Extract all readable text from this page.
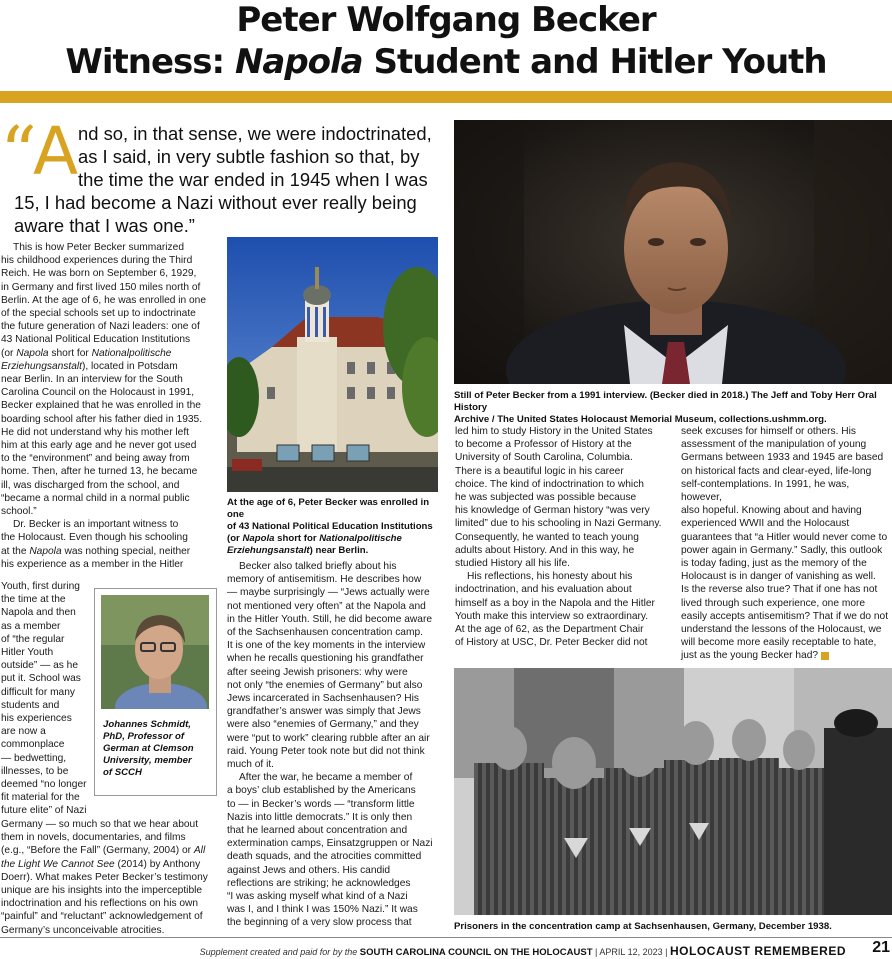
Peter Wolfgang Becker
Witness: Napola Student and Hitler Youth
“
A nd so, in that sense, we were indoctrinated,
as I said, in very subtle fashion so that, by
the time the war ended in 1945 when I was
15, I had become a Nazi without ever really being
aware that I was one.”
Still of Peter Becker from a 1991 interview. (Becker died in 2018.) The Jeff and Toby Herr Oral History
Archive / The United States Holocaust Memorial Museum, collections.ushmm.org.
At the age of 6, Peter Becker was enrolled in one
of 43 National Political Education Institutions
(or Napola short for Nationalpolitische
Erziehungsanstalt) near Berlin.
This is how Peter Becker summarized
his childhood experiences during the Third
Reich. He was born on September 6, 1929,
in Germany and first lived 150 miles north of
Berlin. At the age of 6, he was enrolled in one
of the special schools set up to indoctrinate
the future generation of Nazi leaders: one of
43 National Political Education Institutions
(or Napola short for Nationalpolitische
Erziehungsanstalt), located in Potsdam
near Berlin. In an interview for the South
Carolina Council on the Holocaust in 1991,
Becker explained that he was enrolled in the
boarding school after his father died in 1935.
He did not understand why his mother left
him at this early age and he never got used
to the “environment” and being away from
home. Then, after he turned 13, he became
ill, was discharged from the school, and
“became a normal child in a normal public
school.”
Dr. Becker is an important witness to
the Holocaust. Even though his schooling
at the Napola was nothing special, neither
his experience as a member in the Hitler
Youth, first during
the time at the
Napola and then
as a member
of “the regular
Hitler Youth
outside” — as he
put it. School was
difficult for many
students and
his experiences
are now a
commonplace
— bedwetting,
illnesses, to be
deemed “no longer
fit material for the
future elite” of Nazi
Johannes Schmidt,
PhD, Professor of
German at Clemson
University, member
of SCCH
Germany — so much so that we hear about
them in novels, documentaries, and films
(e.g., “Before the Fall” (Germany, 2004) or All
the Light We Cannot See (2014) by Anthony
Doerr). What makes Peter Becker’s testimony
unique are his insights into the imperceptible
indoctrination and his reflections on his own
“painful” and “reluctant” acknowledgement of
Germany’s unconceivable atrocities.
Becker also talked briefly about his
memory of antisemitism. He describes how
— maybe surprisingly — “Jews actually were
not mentioned very often” at the Napola and
in the Hitler Youth. Still, he did become aware
of the Sachsenhausen concentration camp.
It is one of the key moments in the interview
when he recalls questioning his grandfather
after seeing Jewish prisoners: why were
not only “the enemies of Germany” but also
Jews incarcerated in Sachsenhausen? His
grandfather’s answer was simply that Jews
were also “enemies of Germany,” and they
were “put to work” clearing rubble after an air
raid. Young Peter took note but did not think
much of it.
After the war, he became a member of
a boys’ club established by the Americans
to — in Becker’s words — “transform little
Nazis into little democrats.” It is only then
that he learned about concentration and
extermination camps, Einsatzgruppen or Nazi
death squads, and the atrocities committed
against Jews and others. His candid
reflections are striking; he acknowledges
“I was asking myself what kind of a Nazi
was I, and I think I was 150% Nazi.” It was
the beginning of a very slow process that
led him to study History in the United States
to become a Professor of History at the
University of South Carolina, Columbia.
There is a beautiful logic in his career
choice. The kind of indoctrination to which
he was subjected was possible because
his knowledge of German history “was very
limited” due to his schooling in Nazi Germany.
Consequently, he wanted to teach young
adults about History. And in this way, he
studied History all his life.
His reflections, his honesty about his
indoctrination, and his evaluation about
himself as a boy in the Napola and the Hitler
Youth make this interview so extraordinary.
At the age of 62, as the Department Chair
of History at USC, Dr. Peter Becker did not
seek excuses for himself or others. His
assessment of the manipulation of young
Germans between 1933 and 1945 are based
on historical facts and clear-eyed, life-long
self-contemplations. In 1991, he was, however,
also hopeful. Knowing about and having
experienced WWII and the Holocaust
guarantees that “a Hitler would never come to
power again in Germany.” Sadly, this outlook
is today fading, just as the memory of the
Holocaust is in danger of vanishing as well.
Is the reverse also true? That if one has not
lived through such experience, one more
easily accepts antisemitism? That if we do not
understand the lessons of the Holocaust, we
will become more easily receptable to hate,
just as the young Becker had?
Prisoners in the concentration camp at Sachsenhausen, Germany, December 1938.
Supplement created and paid for by the SOUTH CAROLINA COUNCIL ON THE HOLOCAUST | APRIL 12, 2023 | HOLOCAUST REMEMBERED 21
